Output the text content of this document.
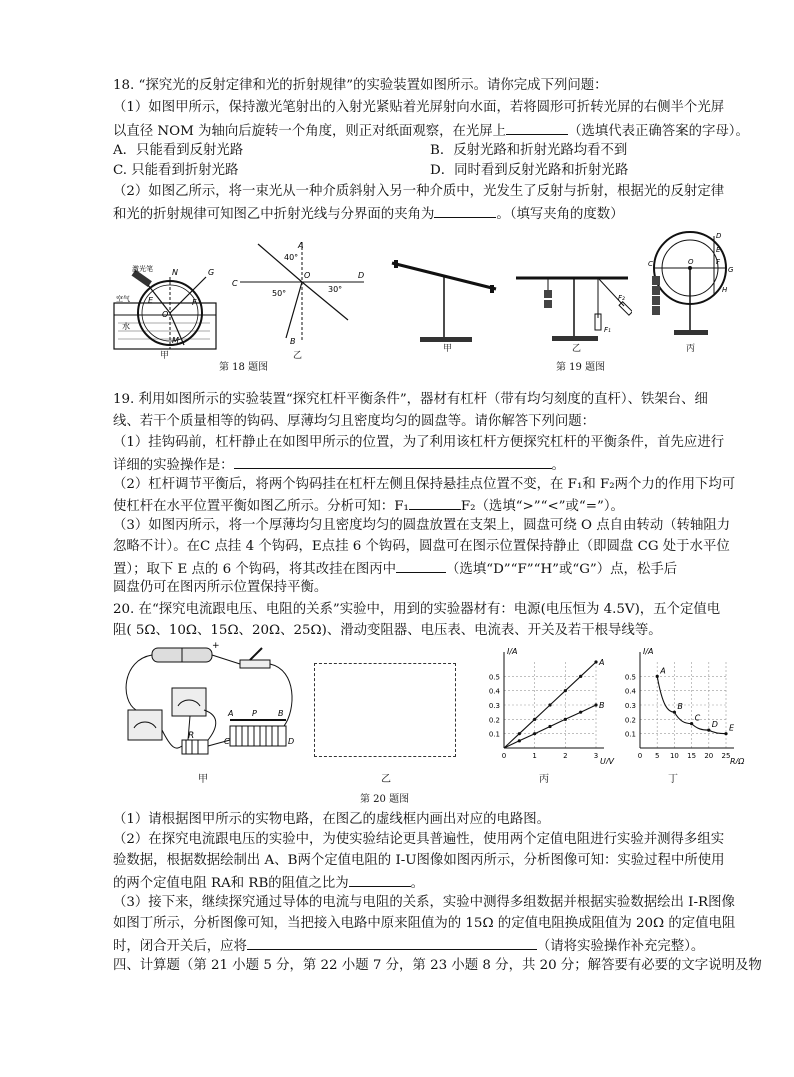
18. “探究光的反射定律和光的折射规律”的实验装置如图所示。请你完成下列问题：
（1）如图甲所示，保持激光笔射出的入射光紧贴着光屏射向水面，若将圆形可折转光屏的右侧半个光屏
以直径 NOM 为轴向后旋转一个角度，则正对纸面观察，在光屏上	（选填代表正确答案的字母）。
A．只能看到反射光路	B．反射光路和折射光路均看不到
C. 只能看到折射光路	D．同时看到反射光路和折射光路
（2）如图乙所示，将一束光从一种介质斜射入另一种介质中，光发生了反射与折射，根据光的反射定律
和光的折射规律可知图乙中折射光线与分界面的夹角为	。（填写夹角的度数）
激光笔
空气
水
N	G
E
O
F
M
甲
40°
50°	30°
A
C
D
O
B
乙
第 18 题图
甲
F₁
F₂
乙
C	O
D
E
F
G
H
丙
第 19 题图
19. 利用如图所示的实验装置“探究杠杆平衡条件”，器材有杠杆（带有均匀刻度的直杆）、铁架台、细
线、若干个质量相等的钩码、厚薄均匀且密度均匀的圆盘等。请你解答下列问题：
（1）挂钩码前，杠杆静止在如图甲所示的位置，为了利用该杠杆方便探究杠杆的平衡条件，首先应进行
详细的实验操作是：	。
（2）杠杆调节平衡后，将两个钩码挂在杠杆左侧且保持悬挂点位置不变，在 F₁和 F₂两个力的作用下均可
使杠杆在水平位置平衡如图乙所示。分析可知：F₁	F₂（选填“>”“<”或“=”）。
（3）如图丙所示，将一个厚薄均匀且密度均匀的圆盘放置在支架上，圆盘可绕 O 点自由转动（转轴阻力
忽略不计）。在C 点挂 4 个钩码，E点挂 6 个钩码，圆盘可在图示位置保持静止（即圆盘 CG 处于水平位
置）；取下 E 点的 6 个钩码，将其改挂在图丙中	（选填“D”“F”“H”或“G”）点，松手后
圆盘仍可在图丙所示位置保持平衡。
20. 在“探究电流跟电压、电阻的关系”实验中，用到的实验器材有：电源(电压恒为 4.5V)，五个定值电
阻( 5Ω、10Ω、15Ω、20Ω、25Ω)、滑动变阻器、电压表、电流表、开关及若干根导线等。
+
R
A P	B
C	D
甲	乙
I/A
U/V
0.1
0.2
0.3
0.4
0.5
0	1	2	3
A
B
丙
I/A
R/Ω
0.1
0.2
0.3
0.4
0.5
0 5 10 15 20 25
A
B
C
D E
丁
第 20 题图
（1）请根据图甲所示的实物电路，在图乙的虚线框内画出对应的电路图。
（2）在探究电流跟电压的实验中，为使实验结论更具普遍性，使用两个定值电阻进行实验并测得多组实
验数据，根据数据绘制出 A、B两个定值电阻的 I-U图像如图丙所示，分析图像可知：实验过程中所使用
的两个定值电阻 RA和 RB的阻值之比为	。
（3）接下来，继续探究通过导体的电流与电阻的关系，实验中测得多组数据并根据实验数据绘出 I-R图像
如图丁所示，分析图像可知，当把接入电路中原来阻值为的 15Ω 的定值电阻换成阻值为 20Ω 的定值电阻
时，闭合开关后，应将	（请将实验操作补充完整）。
四、计算题（第 21 小题 5 分，第 22 小题 7 分，第 23 小题 8 分，共 20 分；解答要有必要的文字说明及物
